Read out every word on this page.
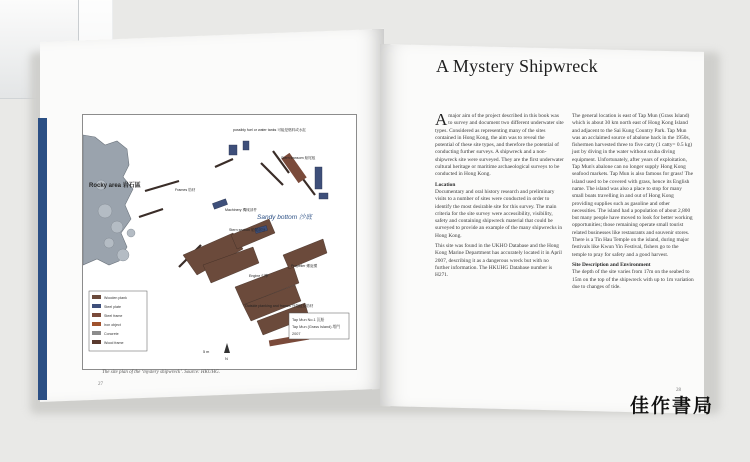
Wooden plank
Steel plate
Steel frame
Iron object
Concrete
Wood frame
Tap Mun No.1 沉船
Tap Mun (Grass Island) 塔門
2007
N
Rocky area 岩石區
Sandy bottom 沙底
possibly fuel or water tanks 可能是燃料或水缸
Stern transom 船尾板
Frames 肋材
Machinery 機械部件
Stern section 船尾部分
Propeller 螺旋槳
Engine 引擎
Outside planking and frames 外殼板及肋材
5 m
The site plan of the ‘mystery shipwreck’. Source: HKUHG.
27
A Mystery Shipwreck

Amajor aim of the project described in this book was to survey and document two different underwater site types. Considered as representing many of the sites contained in Hong Kong, the aim was to reveal the potential of these site types, and therefore the potential of conducting further surveys. A shipwreck and a non-shipwreck site were surveyed. They are the first underwater cultural heritage or maritime archaeological surveys to be conducted in Hong Kong.

Location

Documentary and oral history research and preliminary visits to a number of sites were conducted in order to identify the most desirable site for this survey. The main criteria for the site survey were accessibility, visibility, safety and containing shipwreck material that could be surveyed to provide an example of the many shipwrecks in Hong Kong.

This site was found in the UKHO Database and the Hong Kong Marine Department has accurately located it in April 2007, describing it as a dangerous wreck but with no further information. The HKUHG Database number is H271.

The general location is east of Tap Mun (Grass Island) which is about 30 km north east of Hong Kong Island and adjacent to the Sai Kung Country Park. Tap Mun was an acclaimed source of abalone back in the 1950s, fishermen harvested three to five catty (1 catty= 0.5 kg) just by diving in the water without scuba diving equipment. Unfortunately, after years of exploitation, Tap Mun's abalone can no longer supply Hong Kong seafood markets. Tap Mun is also famous for grass! The island used to be covered with grass, hence its English name. The island was also a place to stop for many small boats travelling in and out of Hong Kong providing supplies such as gasoline and other necessities. The island had a population of about 2,800 but many people have moved to look for better working opportunities; those remaining operate small tourist related businesses like restaurants and souvenir stores. There is a Tin Hau Temple on the island, during major festivals like Kwun Yin Festival, fishers go to the temple to pray for safety and a good harvest.

Site Description and Environment

The depth of the site varies from 17m on the seabed to 15m on the top of the shipwreck with up to 1m variation due to changes of tide.

28
佳作書局
